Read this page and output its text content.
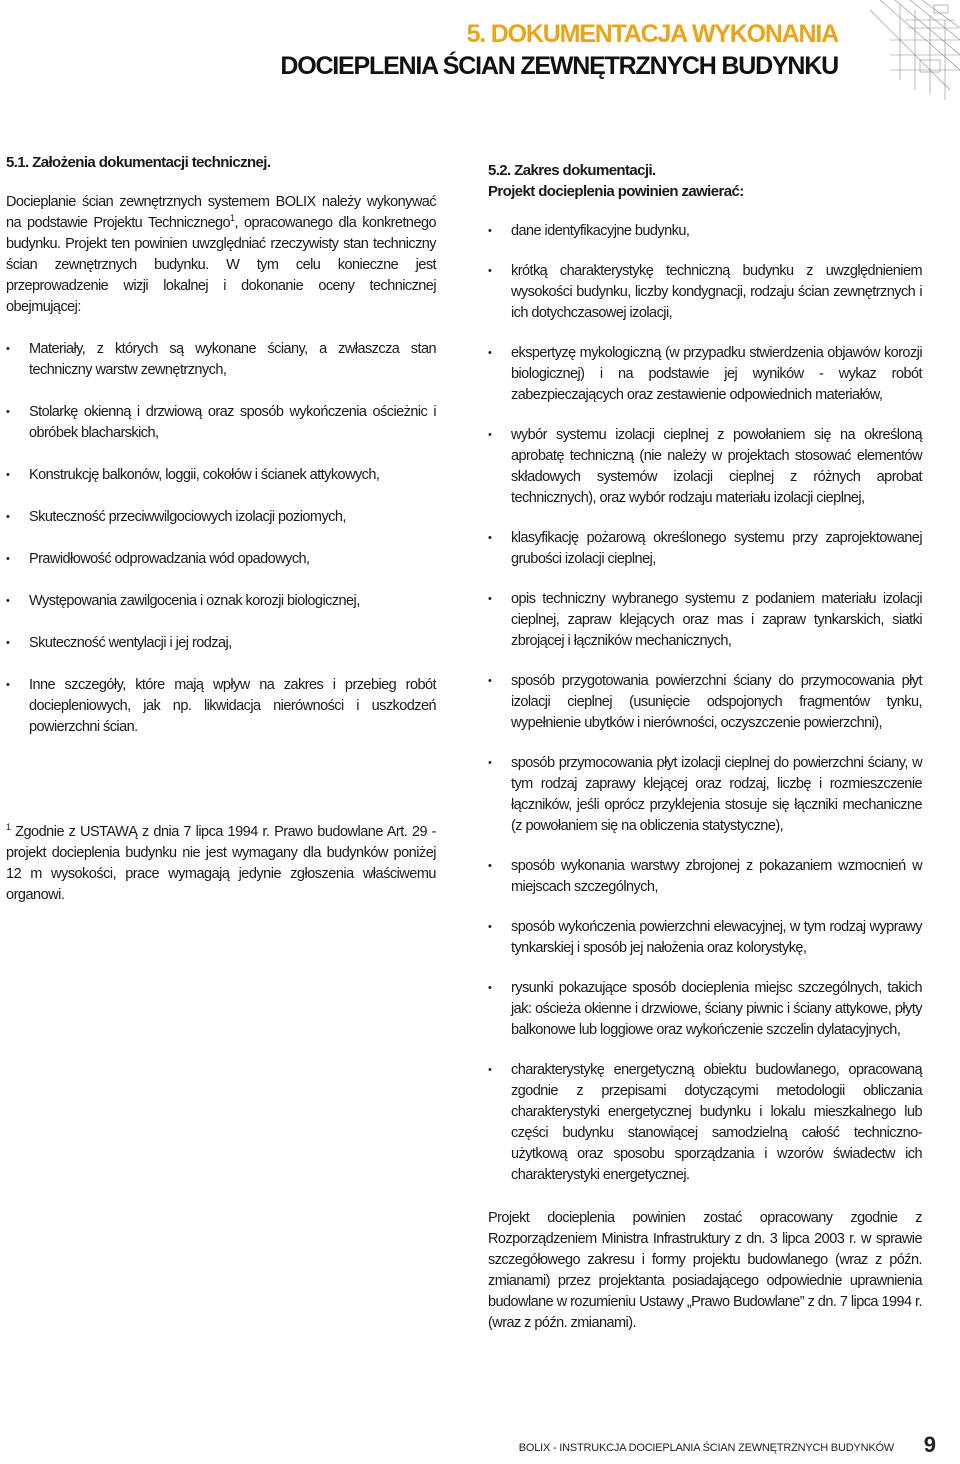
5. DOKUMENTACJA WYKONANIA
DOCIEPLENIA ŚCIAN ZEWNĘTRZNYCH BUDYNKU
5.1. Założenia dokumentacji technicznej.

Docieplanie ścian zewnętrznych systemem BOLIX należy wykonywać na podstawie Projektu Technicznego$^1$, opracowanego dla konkretnego budynku. Projekt ten powinien uwzględniać rzeczywisty stan techniczny ścian zewnętrznych budynku. W tym celu konieczne jest przeprowadzenie wizji lokalnej i dokonanie oceny technicznej obejmującej:

• Materiały, z których są wykonane ściany, a zwłaszcza stan techniczny warstw zewnętrznych,
• Stolarkę okienną i drzwiową oraz sposób wykończenia ościeżnic i obróbek blacharskich,
• Konstrukcję balkonów, loggii, cokołów i ścianek attykowych,
• Skuteczność przeciwwilgociowych izolacji poziomych,
• Prawidłowość odprowadzania wód opadowych,
• Występowania zawilgocenia i oznak korozji biologicznej,
• Skuteczność wentylacji i jej rodzaj,
• Inne szczegóły, które mają wpływ na zakres i przebieg robót dociepleniowych, jak np. likwidacja nierówności i uszkodzeń powierzchni ścian.
$^1$ Zgodnie z USTAWĄ z dnia 7 lipca 1994 r. Prawo budowlane Art. 29 - projekt docieplenia budynku nie jest wymagany dla budynków poniżej 12 m wysokości, prace wymagają jedynie zgłoszenia właściwemu organowi.
5.2. Zakres dokumentacji.
Projekt docieplenia powinien zawierać:
• dane identyfikacyjne budynku,
• krótką charakterystykę techniczną budynku z uwzględnieniem wysokości budynku, liczby kondygnacji, rodzaju ścian zewnętrznych i ich dotychczasowej izolacji,
• ekspertyzę mykologiczną (w przypadku stwierdzenia objawów korozji biologicznej) i na podstawie jej wyników - wykaz robót zabezpieczających oraz zestawienie odpowiednich materiałów,
• wybór systemu izolacji cieplnej z powołaniem się na określoną aprobatę techniczną (nie należy w projektach stosować elementów składowych systemów izolacji cieplnej z różnych aprobat technicznych), oraz wybór rodzaju materiału izolacji cieplnej,
• klasyfikację pożarową określonego systemu przy zaprojektowanej grubości izolacji cieplnej,
• opis techniczny wybranego systemu z podaniem materiału izolacji cieplnej, zapraw klejących oraz mas i zapraw tynkarskich, siatki zbrojącej i łączników mechanicznych,
• sposób przygotowania powierzchni ściany do przymocowania płyt izolacji cieplnej (usunięcie odspojonych fragmentów tynku, wypełnienie ubytków i nierówności, oczyszczenie powierzchni),
• sposób przymocowania płyt izolacji cieplnej do powierzchni ściany, w tym rodzaj zaprawy klejącej oraz rodzaj, liczbę i rozmieszczenie łączników, jeśli oprócz przyklejenia stosuje się łączniki mechaniczne (z powołaniem się na obliczenia statystyczne),
• sposób wykonania warstwy zbrojonej z pokazaniem wzmocnień w miejscach szczególnych,
• sposób wykończenia powierzchni elewacyjnej, w tym rodzaj wyprawy tynkarskiej i sposób jej nałożenia oraz kolorystykę,
• rysunki pokazujące sposób docieplenia miejsc szczególnych, takich jak: ościeża okienne i drzwiowe, ściany piwnic i ściany attykowe, płyty balkonowe lub loggiowe oraz wykończenie szczelin dylatacyjnych,
• charakterystykę energetyczną obiektu budowlanego, opracowaną zgodnie z przepisami dotyczącymi metodologii obliczania charakterystyki energetycznej budynku i lokalu mieszkalnego lub części budynku stanowiącej samodzielną całość techniczno-użytkową oraz sposobu sporządzania i wzorów świadectw ich charakterystyki energetycznej.

Projekt docieplenia powinien zostać opracowany zgodnie z Rozporządzeniem Ministra Infrastruktury z dn. 3 lipca 2003 r. w sprawie szczegółowego zakresu i formy projektu budowlanego (wraz z późn. zmianami) przez projektanta posiadającego odpowiednie uprawnienia budowlane w rozumieniu Ustawy „Prawo Budowlane” z dn. 7 lipca 1994 r. (wraz z późn. zmianami).

BOLIX - INSTRUKCJA DOCIEPLANIA ŚCIAN ZEWNĘTRZNYCH BUDYNKÓW 9
